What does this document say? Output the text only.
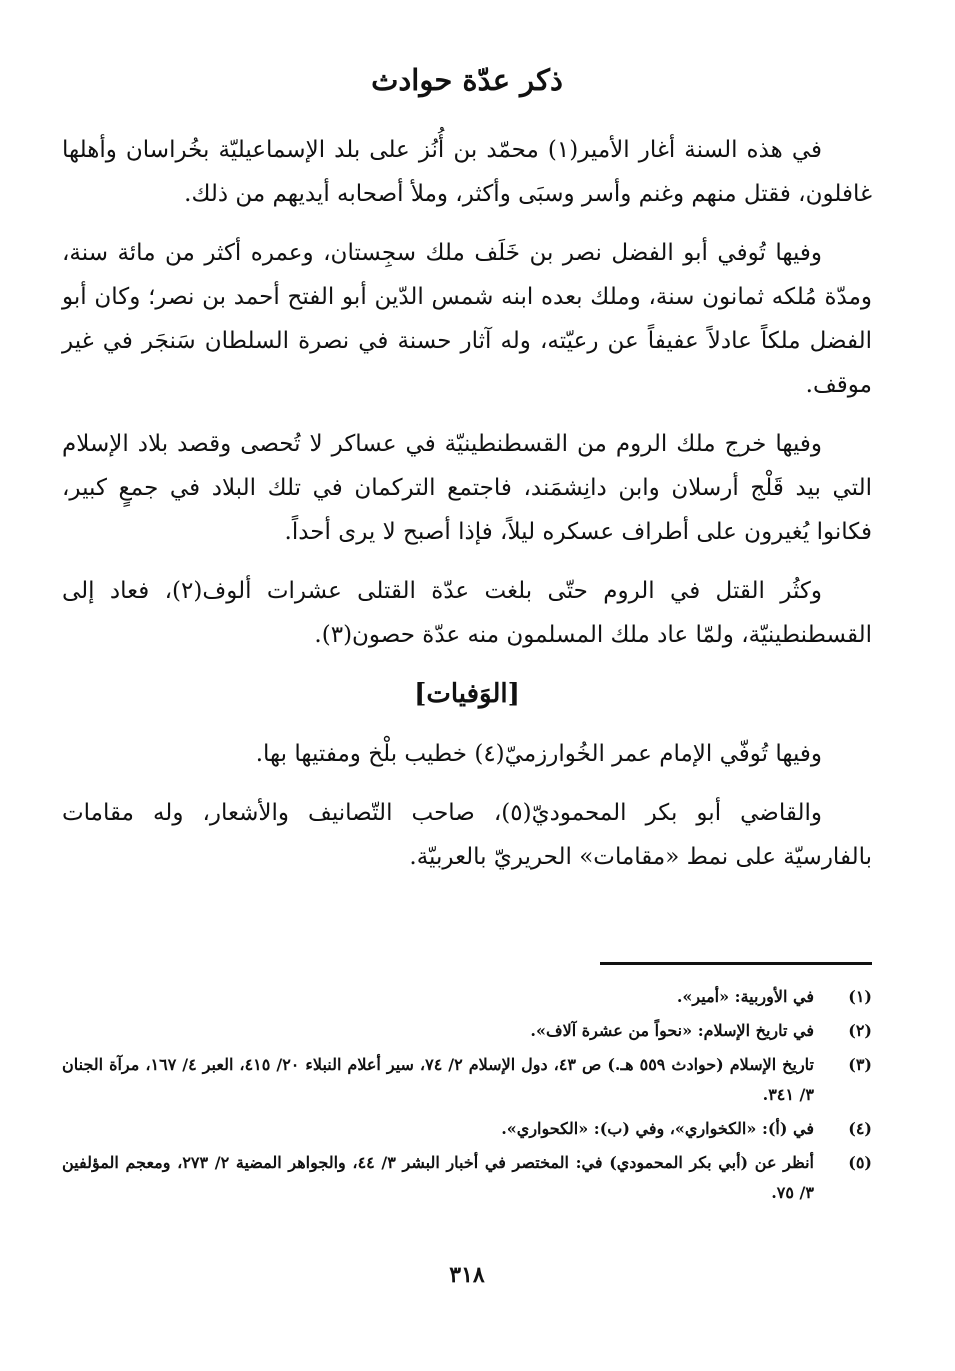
ذكر عدّة حوادث

في هذه السنة أغار الأمير(١) محمّد بن أُنُز على بلد الإسماعيليّة بخُراسان وأهلها غافلون، فقتل منهم وغنم وأسر وسبَى وأكثر، وملأ أصحابه أيديهم من ذلك.

وفيها تُوفي أبو الفضل نصر بن خَلَف ملك سجِستان، وعمره أكثر من مائة سنة، ومدّة مُلكه ثمانون سنة، وملك بعده ابنه شمس الدّين أبو الفتح أحمد بن نصر؛ وكان أبو الفضل ملكاً عادلاً عفيفاً عن رعيّته، وله آثار حسنة في نصرة السلطان سَنجَر في غير موقف.

وفيها خرج ملك الروم من القسطنطينيّة في عساكر لا تُحصى وقصد بلاد الإسلام التي بيد قَلْج أرسلان وابن دانِشمَند، فاجتمع التركمان في تلك البلاد في جمعٍ كبير، فكانوا يُغيرون على أطراف عسكره ليلاً، فإذا أصبح لا يرى أحداً.

وكثُر القتل في الروم حتّى بلغت عدّة القتلى عشرات ألوف(٢)، فعاد إلى القسطنطينيّة، ولمّا عاد ملك المسلمون منه عدّة حصون(٣).

[الوَفيات]

وفيها تُوفّي الإمام عمر الخُوارزميّ(٤) خطيب بلْخ ومفتيها بها.

والقاضي أبو بكر المحموديّ(٥)، صاحب التّصانيف والأشعار، وله مقامات بالفارسيّة على نمط «مقامات» الحريريّ بالعربيّة.

(١)
في الأوربية: «أمير».
(٢)
في تاريخ الإسلام: «نحواً من عشرة آلاف».
(٣)
تاريخ الإسلام (حوادث ٥٥٩ هـ.) ص ٤٣، دول الإسلام ٢/ ٧٤، سير أعلام النبلاء ٢٠/ ٤١٥، العبر ٤/ ١٦٧، مرآة الجنان ٣/ ٣٤١.
(٤)
في (أ): «الكخواري»، وفي (ب): «الكحواري».
(٥)
أنظر عن (أبي بكر المحمودي) في: المختصر في أخبار البشر ٣/ ٤٤، والجواهر المضية ٢/ ٢٧٣، ومعجم المؤلفين ٣/ ٧٥.
٣١٨
